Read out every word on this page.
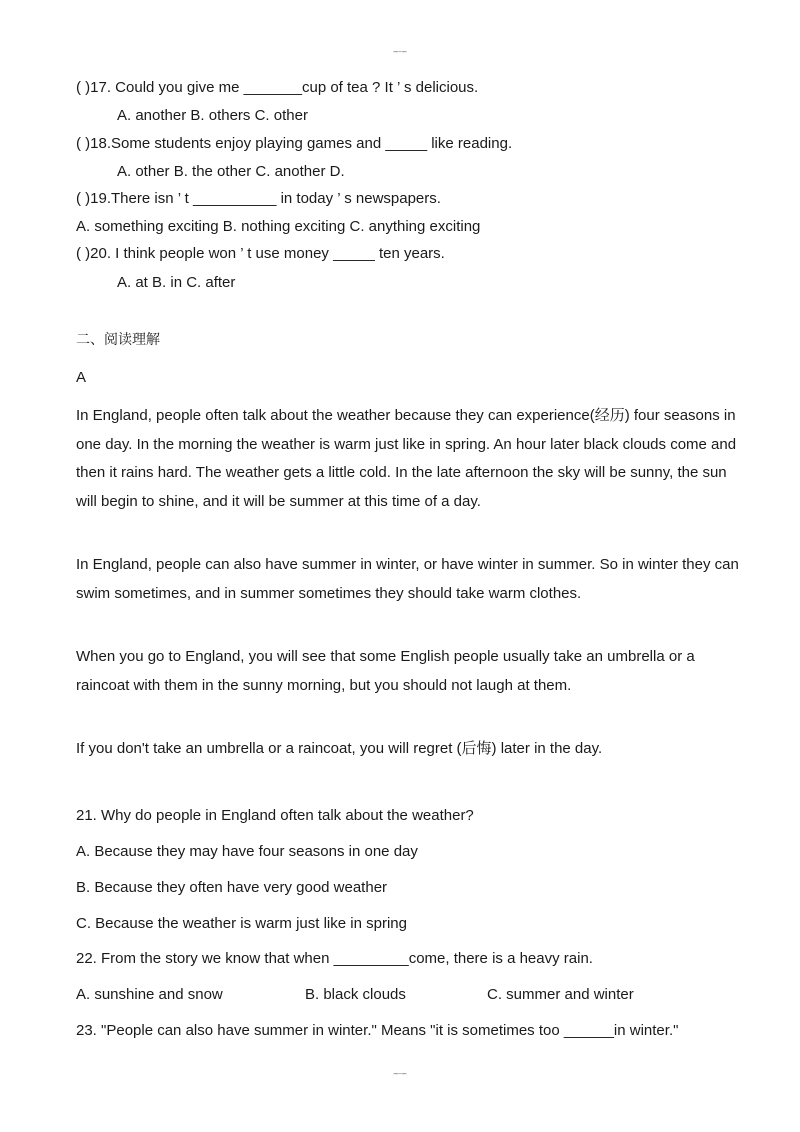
–·–
( )17. Could you give me _______cup of tea ? It ’ s delicious.
A. another B. others C. other
( )18.Some students enjoy playing games and _____ like reading.
A. other B. the other C. another D.
( )19.There isn ’ t __________ in today ’ s newspapers.
A. something exciting B. nothing exciting C. anything exciting
( )20. I think people won ’ t use money _____ ten years.
A. at B. in C. after
二、阅读理解
A

In England, people often talk about the weather because they can experience(经历) four seasons in one day. In the morning the weather is warm just like in spring. An hour later black clouds come and then it rains hard. The weather gets a little cold. In the late afternoon the sky will be sunny, the sun will begin to shine, and it will be summer at this time of a day.

In England, people can also have summer in winter, or have winter in summer. So in winter they can swim sometimes, and in summer sometimes they should take warm clothes.

When you go to England, you will see that some English people usually take an umbrella or a raincoat with them in the sunny morning, but you should not laugh at them.

If you don't take an umbrella or a raincoat, you will regret (后悔) later in the day.

21. Why do people in England often talk about the weather?
A. Because they may have four seasons in one day
B. Because they often have very good weather
C. Because the weather is warm just like in spring
22. From the story we know that when _________come, there is a heavy rain.
A. sunshine and snow	B. black clouds	C. summer and winter
23. "People can also have summer in winter." Means "it is sometimes too ______in winter."
–·–
